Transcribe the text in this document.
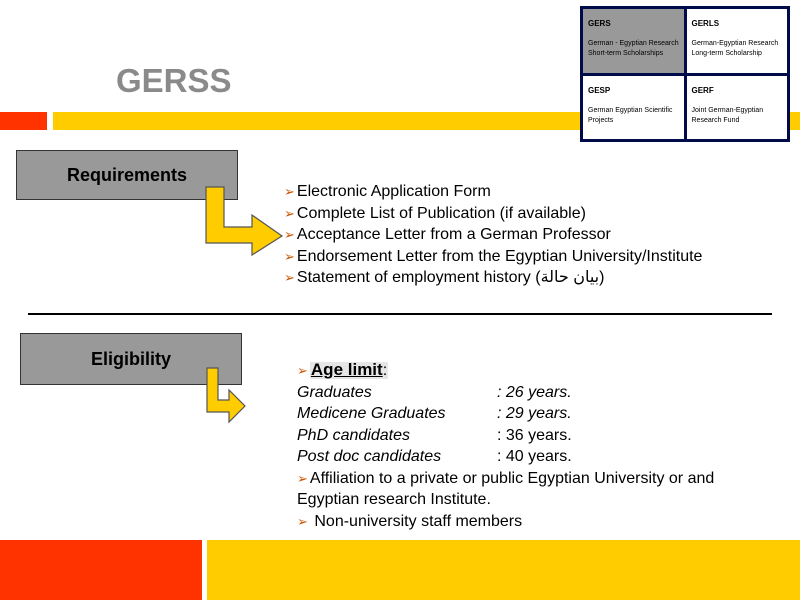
GERSS
GERS
German - Egyptian Research Short-term Scholarships
GERLS
German-Egyptian Research Long-term Scholarship
GESP
German Egyptian Scientific Projects
GERF
Joint German-Egyptian Research Fund
Requirements
➢ Electronic Application Form
➢ Complete List of Publication (if available)
➢ Acceptance Letter from a German Professor
➢ Endorsement Letter from the Egyptian University/Institute
➢ Statement of employment history (بيان حالة)
Eligibility
➢ Age limit:
Graduates	: 26 years.
Medicene Graduates	: 29 years.
PhD candidates	: 36 years.
Post doc candidates	: 40 years.
➢ Affiliation to a private or public Egyptian University or and Egyptian research Institute.
➢ Non-university staff members
